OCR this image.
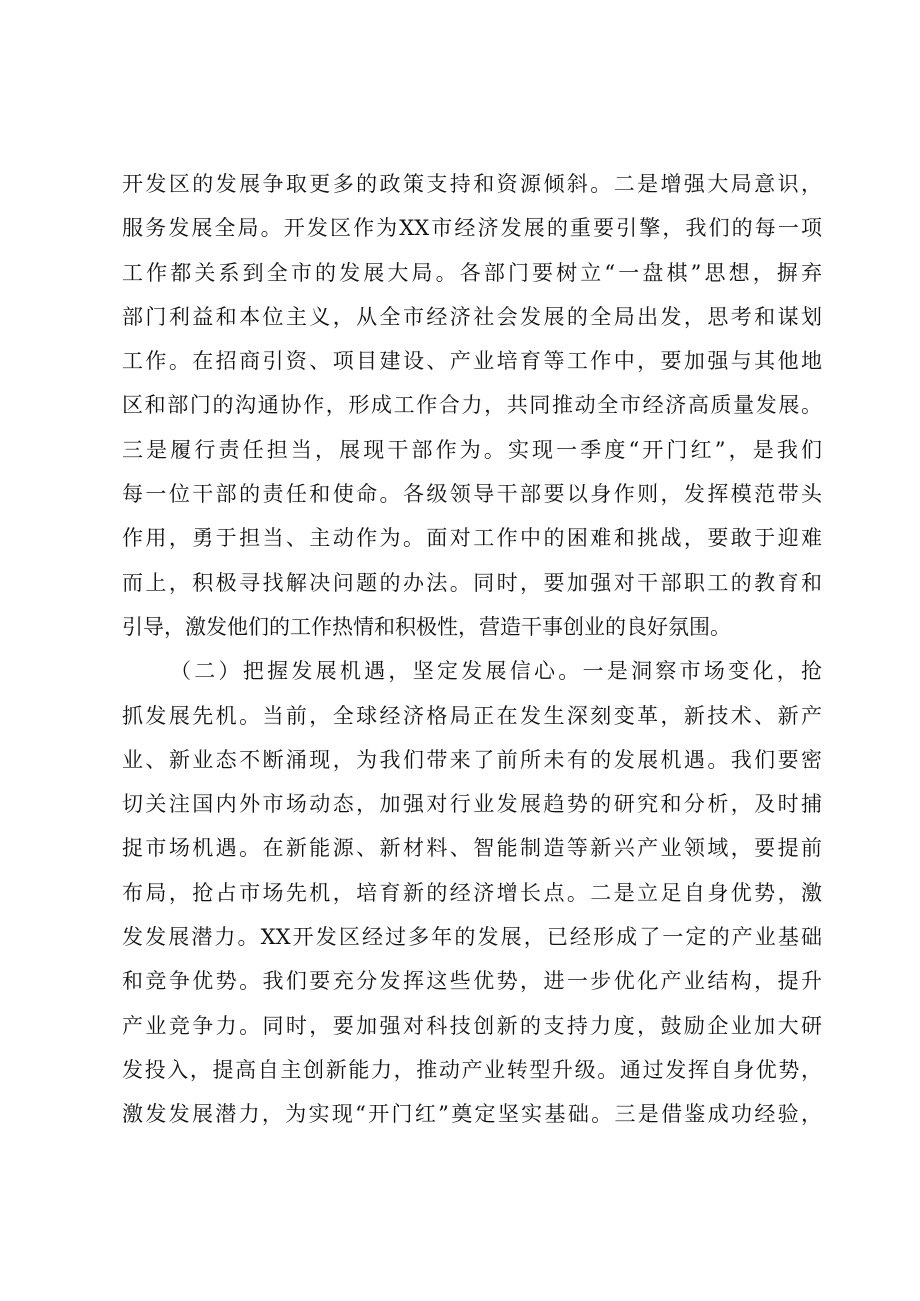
开发区的发展争取更多的政策支持和资源倾斜。二是增强大局意识，
服务发展全局。开发区作为XX市经济发展的重要引擎，我们的每一项
工作都关系到全市的发展大局。各部门要树立“一盘棋”思想，摒弃
部门利益和本位主义，从全市经济社会发展的全局出发，思考和谋划
工作。在招商引资、项目建设、产业培育等工作中，要加强与其他地
区和部门的沟通协作，形成工作合力，共同推动全市经济高质量发展。
三是履行责任担当，展现干部作为。实现一季度“开门红”，是我们
每一位干部的责任和使命。各级领导干部要以身作则，发挥模范带头
作用，勇于担当、主动作为。面对工作中的困难和挑战，要敢于迎难
而上，积极寻找解决问题的办法。同时，要加强对干部职工的教育和
引导，激发他们的工作热情和积极性，营造干事创业的良好氛围。
（二）把握发展机遇，坚定发展信心。一是洞察市场变化，抢
抓发展先机。当前，全球经济格局正在发生深刻变革，新技术、新产
业、新业态不断涌现，为我们带来了前所未有的发展机遇。我们要密
切关注国内外市场动态，加强对行业发展趋势的研究和分析，及时捕
捉市场机遇。在新能源、新材料、智能制造等新兴产业领域，要提前
布局，抢占市场先机，培育新的经济增长点。二是立足自身优势，激
发发展潜力。XX开发区经过多年的发展，已经形成了一定的产业基础
和竞争优势。我们要充分发挥这些优势，进一步优化产业结构，提升
产业竞争力。同时，要加强对科技创新的支持力度，鼓励企业加大研
发投入，提高自主创新能力，推动产业转型升级。通过发挥自身优势，
激发发展潜力，为实现“开门红”奠定坚实基础。三是借鉴成功经验，
